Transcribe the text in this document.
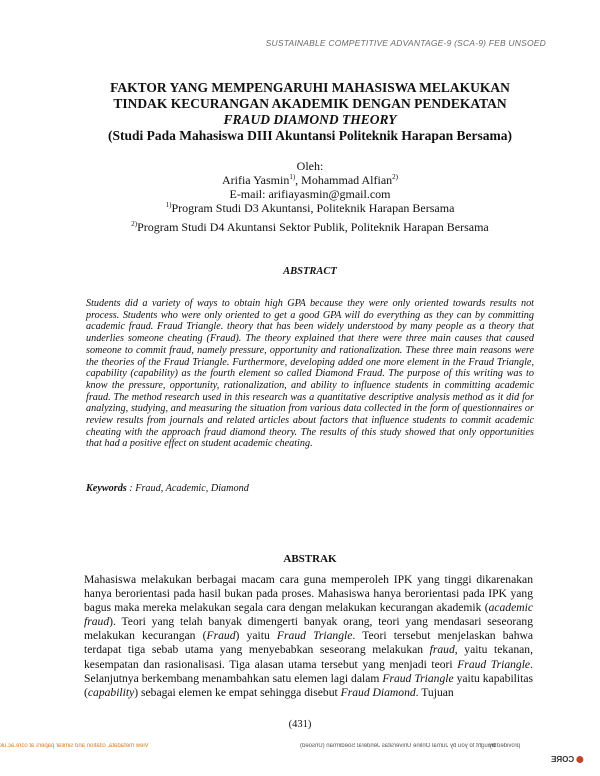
SUSTAINABLE COMPETITIVE ADVANTAGE-9 (SCA-9) FEB UNSOED
FAKTOR YANG MEMPENGARUHI MAHASISWA MELAKUKAN
TINDAK KECURANGAN AKADEMIK DENGAN PENDEKATAN
FRAUD DIAMOND THEORY
(Studi Pada Mahasiswa DIII Akuntansi Politeknik Harapan Bersama)
Oleh:
Arifia Yasmin$^{1)}$, Mohammad Alfian$^{2)}$
E-mail: arifiayasmin@gmail.com
$^{1)}$Program Studi D3 Akuntansi, Politeknik Harapan Bersama
$^{2)}$Program Studi D4 Akuntansi Sektor Publik, Politeknik Harapan Bersama
ABSTRACT
Students did a variety of ways to obtain high GPA because they were only oriented towards results not process. Students who were only oriented to get a good GPA will do everything as they can by committing academic fraud. Fraud Triangle. theory that has been widely understood by many people as a theory that underlies someone cheating (Fraud). The theory explained that there were three main causes that caused someone to commit fraud, namely pressure, opportunity and rationalization. These three main reasons were the theories of the Fraud Triangle. Furthermore, developing added one more element in the Fraud Triangle, capability (capability) as the fourth element so called Diamond Fraud. The purpose of this writing was to know the pressure, opportunity, rationalization, and ability to influence students in committing academic fraud. The method research used in this research was a quantitative descriptive analysis method as it did for analyzing, studying, and measuring the situation from various data collected in the form of questionnaires or review results from journals and related articles about factors that influence students to commit academic cheating with the approach fraud diamond theory. The results of this study showed that only opportunities that had a positive effect on student academic cheating.
Keywords : Fraud, Academic, Diamond
ABSTRAK
Mahasiswa melakukan berbagai macam cara guna memperoleh IPK yang tinggi dikarenakan hanya berorientasi pada hasil bukan pada proses. Mahasiswa hanya berorientasi pada IPK yang bagus maka mereka melakukan segala cara dengan melakukan kecurangan akademik (academic fraud). Teori yang telah banyak dimengerti banyak orang, teori yang mendasari seseorang melakukan kecurangan (Fraud) yaitu Fraud Triangle. Teori tersebut menjelaskan bahwa terdapat tiga sebab utama yang menyebabkan seseorang melakukan fraud, yaitu tekanan, kesempatan dan rasionalisasi. Tiga alasan utama tersebut yang menjadi teori Fraud Triangle. Selanjutnya berkembang menambahkan satu elemen lagi dalam Fraud Triangle yaitu kapabilitas (capability) sebagai elemen ke empat sehingga disebut Fraud Diamond. Tujuan
(431)
View metadata, citation and similar papers at core.ac.uk	brought to you by Jurnal Online Universitas Jenderal Soedirman (Unsoed)
provided by
CORE
